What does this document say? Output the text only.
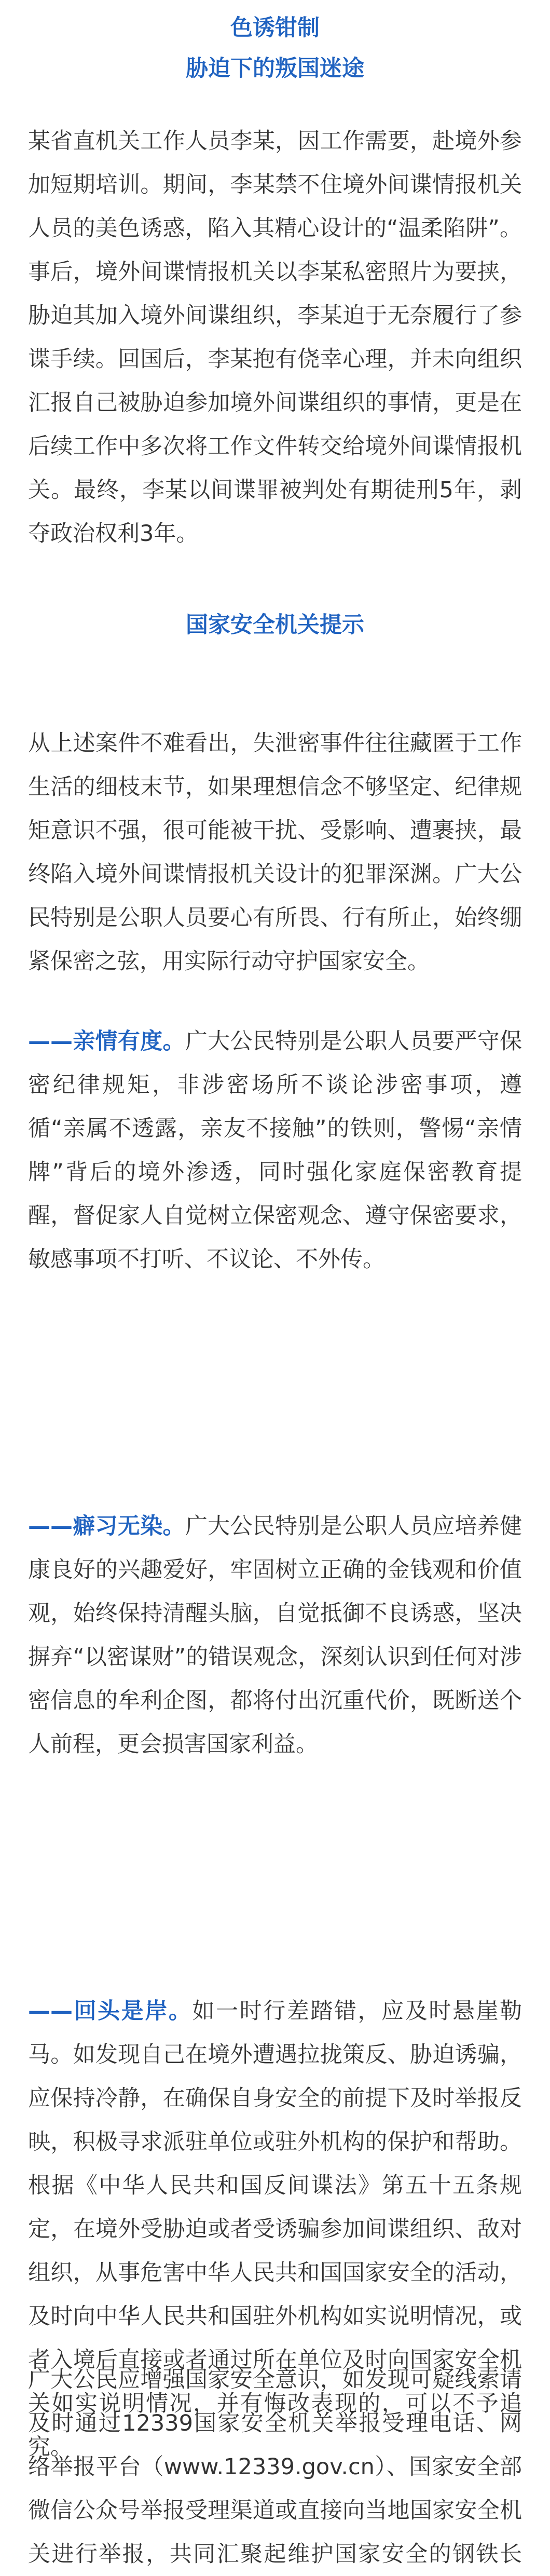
色诱钳制
胁迫下的叛国迷途
某省直机关工作人员李某，因工作需要，赴境外参加短期培训。期间，李某禁不住境外间谍情报机关人员的美色诱惑，陷入其精心设计的“温柔陷阱”。事后，境外间谍情报机关以李某私密照片为要挟，胁迫其加入境外间谍组织，李某迫于无奈履行了参谍手续。回国后，李某抱有侥幸心理，并未向组织汇报自己被胁迫参加境外间谍组织的事情，更是在后续工作中多次将工作文件转交给境外间谍情报机关。最终，李某以间谍罪被判处有期徒刑5年，剥夺政治权利3年。
国家安全机关提示
从上述案件不难看出，失泄密事件往往藏匿于工作生活的细枝末节，如果理想信念不够坚定、纪律规矩意识不强，很可能被干扰、受影响、遭裹挟，最终陷入境外间谍情报机关设计的犯罪深渊。广大公民特别是公职人员要心有所畏、行有所止，始终绷紧保密之弦，用实际行动守护国家安全。
——亲情有度。广大公民特别是公职人员要严守保密纪律规矩，非涉密场所不谈论涉密事项，遵循“亲属不透露，亲友不接触”的铁则，警惕“亲情牌”背后的境外渗透，同时强化家庭保密教育提醒，督促家人自觉树立保密观念、遵守保密要求，敏感事项不打听、不议论、不外传。
——癖习无染。广大公民特别是公职人员应培养健康良好的兴趣爱好，牢固树立正确的金钱观和价值观，始终保持清醒头脑，自觉抵御不良诱惑，坚决摒弃“以密谋财”的错误观念，深刻认识到任何对涉密信息的牟利企图，都将付出沉重代价，既断送个人前程，更会损害国家利益。
——回头是岸。如一时行差踏错，应及时悬崖勒马。如发现自己在境外遭遇拉拢策反、胁迫诱骗，应保持冷静，在确保自身安全的前提下及时举报反映，积极寻求派驻单位或驻外机构的保护和帮助。根据《中华人民共和国反间谍法》第五十五条规定，在境外受胁迫或者受诱骗参加间谍组织、敌对组织，从事危害中华人民共和国国家安全的活动，及时向中华人民共和国驻外机构如实说明情况，或者入境后直接或者通过所在单位及时向国家安全机关如实说明情况，并有悔改表现的，可以不予追究。
广大公民应增强国家安全意识，如发现可疑线索请及时通过12339国家安全机关举报受理电话、网络举报平台（www.12339.gov.cn）、国家安全部微信公众号举报受理渠道或直接向当地国家安全机关进行举报，共同汇聚起维护国家安全的钢铁长
